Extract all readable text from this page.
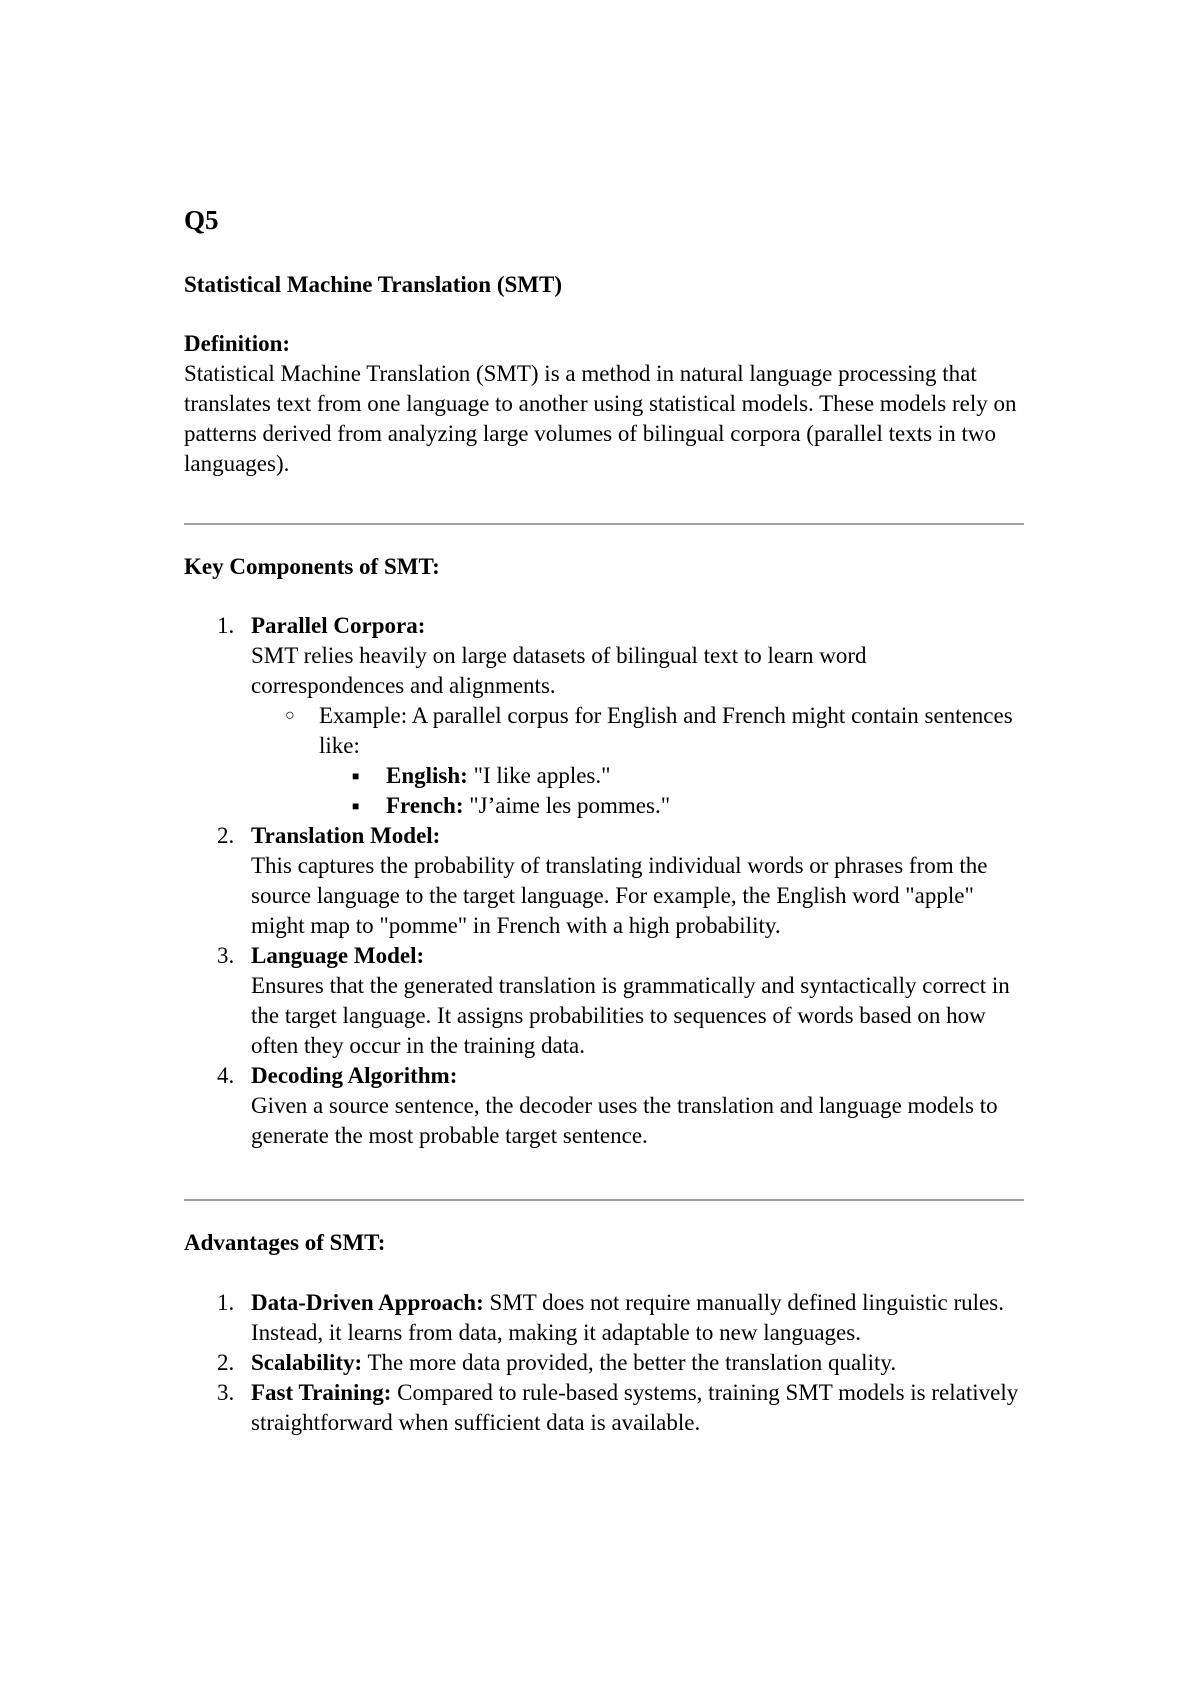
Q5
Statistical Machine Translation (SMT)

Definition:

Statistical Machine Translation (SMT) is a method in natural language processing that translates text from one language to another using statistical models. These models rely on patterns derived from analyzing large volumes of bilingual corpora (parallel texts in two languages).

Key Components of SMT:

1. Parallel Corpora:
SMT relies heavily on large datasets of bilingual text to learn word correspondences and alignments.
○ Example: A parallel corpus for English and French might contain sentences like:
■ English: "I like apples."
■ French: "J’aime les pommes."
2. Translation Model:
This captures the probability of translating individual words or phrases from the source language to the target language. For example, the English word "apple" might map to "pomme" in French with a high probability.
3. Language Model:
Ensures that the generated translation is grammatically and syntactically correct in the target language. It assigns probabilities to sequences of words based on how often they occur in the training data.
4. Decoding Algorithm:
Given a source sentence, the decoder uses the translation and language models to generate the most probable target sentence.

Advantages of SMT:

1. Data-Driven Approach: SMT does not require manually defined linguistic rules. Instead, it learns from data, making it adaptable to new languages.
2. Scalability: The more data provided, the better the translation quality.
3. Fast Training: Compared to rule-based systems, training SMT models is relatively straightforward when sufficient data is available.
